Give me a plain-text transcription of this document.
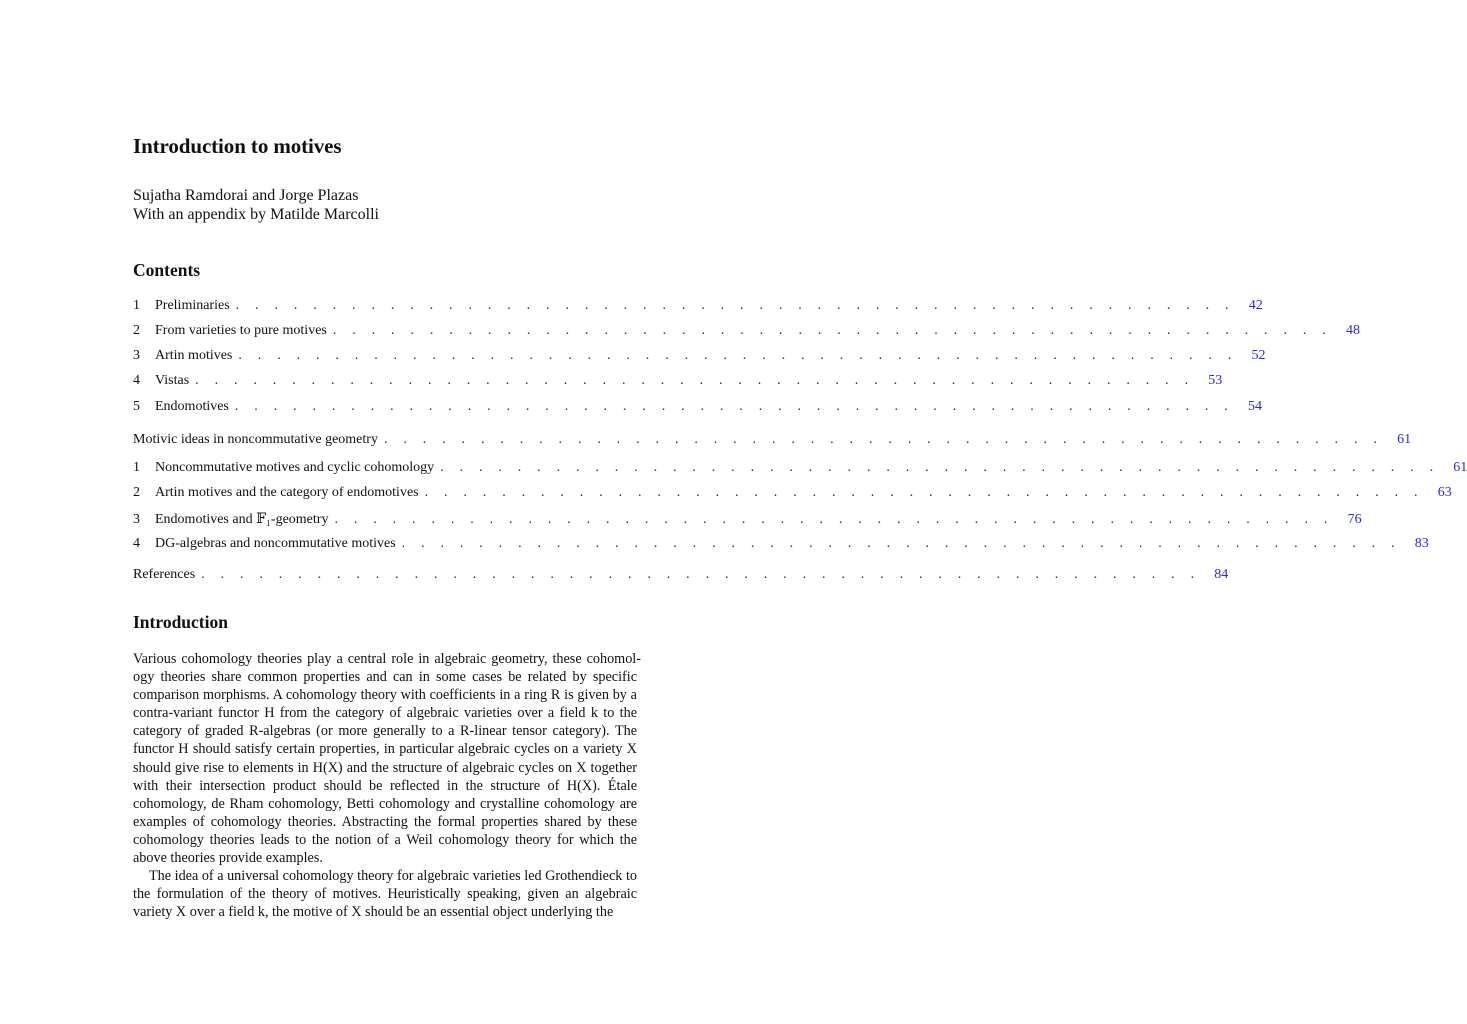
Introduction to motives
Sujatha Ramdorai and Jorge Plazas
With an appendix by Matilde Marcolli
Contents
1	Preliminaries . . . . . . . . . . . . . . . . . . . . . . . . . . . . . . . . . . . . . . . . . . . . . . . . . . . .	42
2	From varieties to pure motives . . . . . . . . . . . . . . . . . . . . . . . . . . . . . . . . . . . . . . . . . . . . . . . . . . . .	48
3	Artin motives . . . . . . . . . . . . . . . . . . . . . . . . . . . . . . . . . . . . . . . . . . . . . . . . . . . .	52
4	Vistas . . . . . . . . . . . . . . . . . . . . . . . . . . . . . . . . . . . . . . . . . . . . . . . . . . . .	53
5	Endomotives . . . . . . . . . . . . . . . . . . . . . . . . . . . . . . . . . . . . . . . . . . . . . . . . . . . .	54
Motivic ideas in noncommutative geometry . . . . . . . . . . . . . . . . . . . . . . . . . . . . . . . . . . . . . . . . . . . . . . . . . . . .	61
1	Noncommutative motives and cyclic cohomology . . . . . . . . . . . . . . . . . . . . . . . . . . . . . . . . . . . . . . . . . . . . . . . . . . . .	61
2	Artin motives and the category of endomotives . . . . . . . . . . . . . . . . . . . . . . . . . . . . . . . . . . . . . . . . . . . . . . . . . . . .	63
3	Endomotives and 𝔽₁-geometry . . . . . . . . . . . . . . . . . . . . . . . . . . . . . . . . . . . . . . . . . . . . . . . . . . . .	76
4	DG-algebras and noncommutative motives . . . . . . . . . . . . . . . . . . . . . . . . . . . . . . . . . . . . . . . . . . . . . . . . . . . .	83
References . . . . . . . . . . . . . . . . . . . . . . . . . . . . . . . . . . . . . . . . . . . . . . . . . . . .	84
Introduction

Various cohomology theories play a central role in algebraic geometry, these cohomol- ogy theories share common properties and can in some cases be related by specific comparison morphisms. A cohomology theory with coefficients in a ring R is given by a contra-variant functor H from the category of algebraic varieties over a field k to the category of graded R-algebras (or more generally to a R-linear tensor category). The functor H should satisfy certain properties, in particular algebraic cycles on a variety X should give rise to elements in H(X) and the structure of algebraic cycles on X together with their intersection product should be reflected in the structure of H(X). Étale cohomology, de Rham cohomology, Betti cohomology and crystalline cohomology are examples of cohomology theories. Abstracting the formal properties shared by these cohomology theories leads to the notion of a Weil cohomology theory for which the above theories provide examples.

The idea of a universal cohomology theory for algebraic varieties led Grothendieck to the formulation of the theory of motives. Heuristically speaking, given an algebraic variety X over a field k, the motive of X should be an essential object underlying the
